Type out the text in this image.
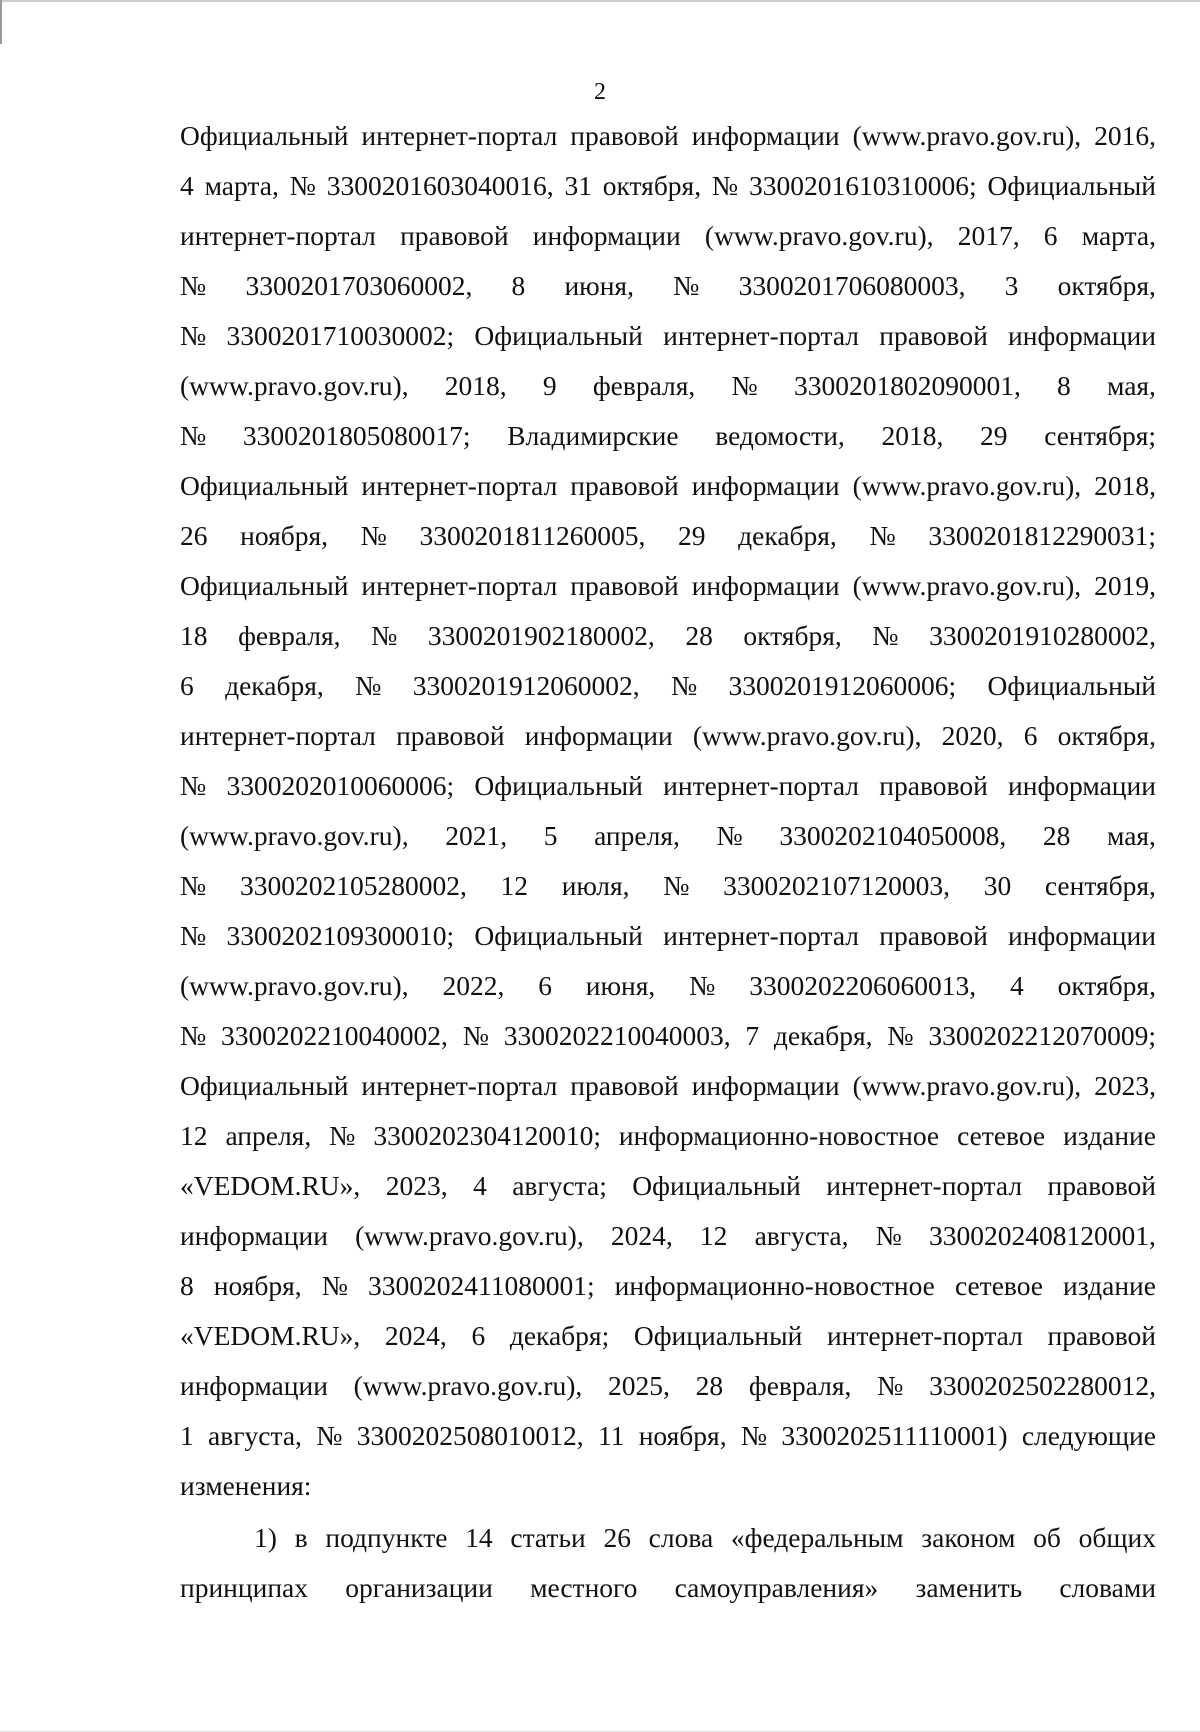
2
Официальный интернет-портал правовой информации (www.pravo.gov.ru), 2016,
4 марта, № 3300201603040016, 31 октября, № 3300201610310006; Официальный
интернет-портал правовой информации (www.pravo.gov.ru), 2017, 6 марта,
№ 3300201703060002, 8 июня, № 3300201706080003, 3 октября,
№ 3300201710030002; Официальный интернет-портал правовой информации
(www.pravo.gov.ru), 2018, 9 февраля, № 3300201802090001, 8 мая,
№ 3300201805080017; Владимирские ведомости, 2018, 29 сентября;
Официальный интернет-портал правовой информации (www.pravo.gov.ru), 2018,
26 ноября, № 3300201811260005, 29 декабря, № 3300201812290031;
Официальный интернет-портал правовой информации (www.pravo.gov.ru), 2019,
18 февраля, № 3300201902180002, 28 октября, № 3300201910280002,
6 декабря, № 3300201912060002, № 3300201912060006; Официальный
интернет-портал правовой информации (www.pravo.gov.ru), 2020, 6 октября,
№ 3300202010060006; Официальный интернет-портал правовой информации
(www.pravo.gov.ru), 2021, 5 апреля, № 3300202104050008, 28 мая,
№ 3300202105280002, 12 июля, № 3300202107120003, 30 сентября,
№ 3300202109300010; Официальный интернет-портал правовой информации
(www.pravo.gov.ru), 2022, 6 июня, № 3300202206060013, 4 октября,
№ 3300202210040002, № 3300202210040003, 7 декабря, № 3300202212070009;
Официальный интернет-портал правовой информации (www.pravo.gov.ru), 2023,
12 апреля, № 3300202304120010; информационно-новостное сетевое издание
«VEDOM.RU», 2023, 4 августа; Официальный интернет-портал правовой
информации (www.pravo.gov.ru), 2024, 12 августа, № 3300202408120001,
8 ноября, № 3300202411080001; информационно-новостное сетевое издание
«VEDOM.RU», 2024, 6 декабря; Официальный интернет-портал правовой
информации (www.pravo.gov.ru), 2025, 28 февраля, № 3300202502280012,
1 августа, № 3300202508010012, 11 ноября, № 3300202511110001) следующие
изменения:
1) в подпункте 14 статьи 26 слова «федеральным законом об общих
принципах организации местного самоуправления» заменить словами
